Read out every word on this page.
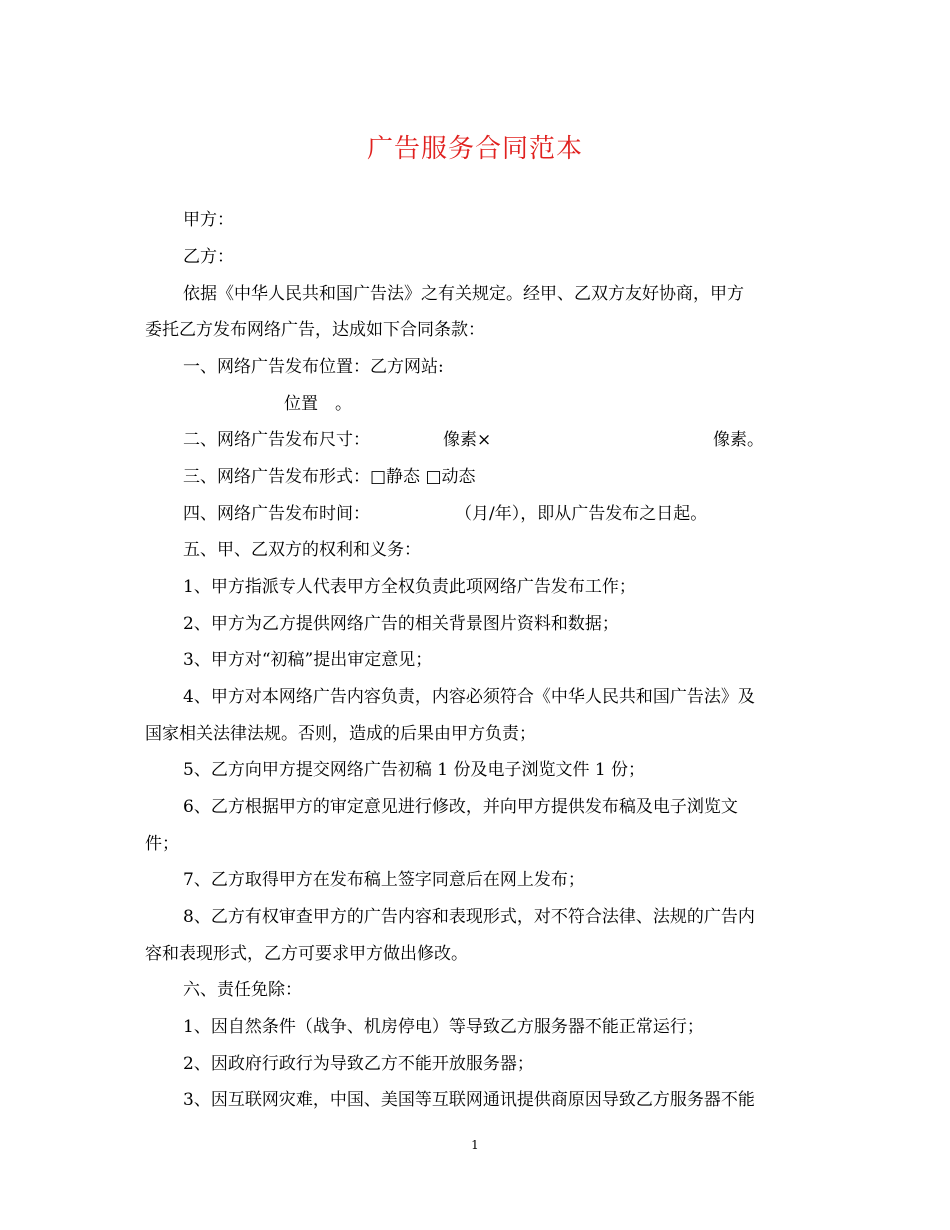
广告服务合同范本
甲方：
乙方：
依据《中华人民共和国广告法》之有关规定。经甲、乙双方友好协商，甲方
委托乙方发布网络广告，达成如下合同条款：
一、网络广告发布位置：乙方网站:
位置　。
二、网络广告发布尺寸：	像素×	像素。
三、网络广告发布形式：□静态 □动态
四、网络广告发布时间：	（月/年），即从广告发布之日起。
五、甲、乙双方的权利和义务：
1、甲方指派专人代表甲方全权负责此项网络广告发布工作；
2、甲方为乙方提供网络广告的相关背景图片资料和数据；
3、甲方对“初稿”提出审定意见；
4、甲方对本网络广告内容负责，内容必须符合《中华人民共和国广告法》及
国家相关法律法规。否则，造成的后果由甲方负责；
5、乙方向甲方提交网络广告初稿 1 份及电子浏览文件 1 份；
6、乙方根据甲方的审定意见进行修改，并向甲方提供发布稿及电子浏览文
件；
7、乙方取得甲方在发布稿上签字同意后在网上发布；
8、乙方有权审查甲方的广告内容和表现形式，对不符合法律、法规的广告内
容和表现形式，乙方可要求甲方做出修改。
六、责任免除：
1、因自然条件（战争、机房停电）等导致乙方服务器不能正常运行；
2、因政府行政行为导致乙方不能开放服务器；
3、因互联网灾难，中国、美国等互联网通讯提供商原因导致乙方服务器不能
1
